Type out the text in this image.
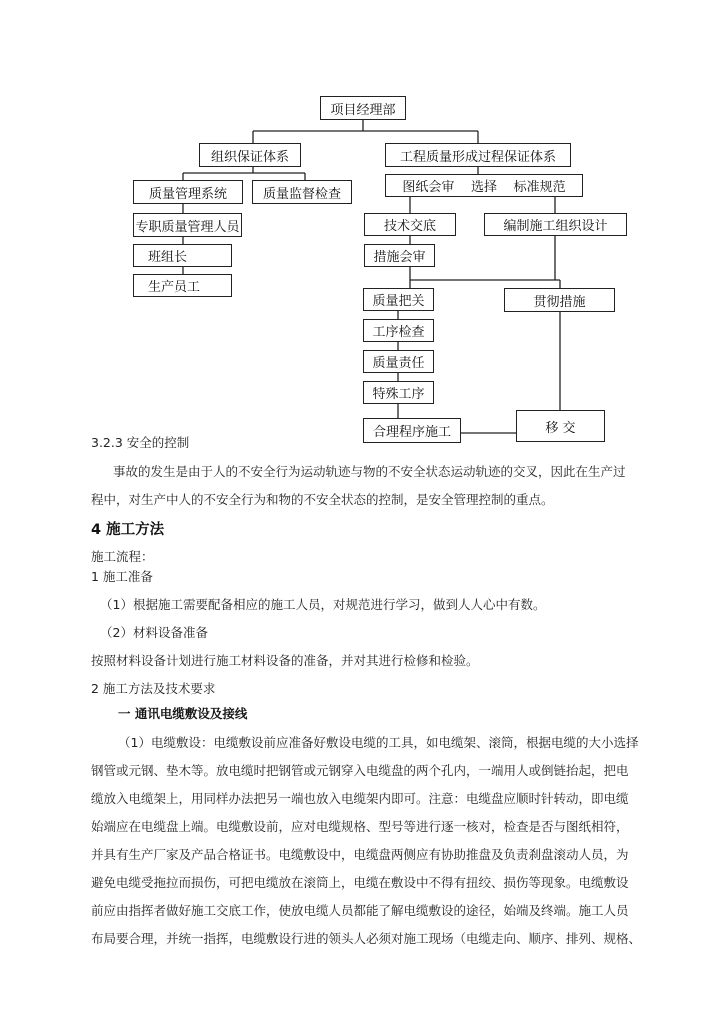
项目经理部
组织保证体系	工程质量形成过程保证体系
质量管理系统	质量监督检查	图纸会审 选择 标准规范
专职质量管理人员
班组长
生产员工
技术交底	编制施工组织设计
措施会审
质量把关	贯彻措施
工序检查
质量责任
特殊工序
合理程序施工	移 交
3.2.3 安全的控制
事故的发生是由于人的不安全行为运动轨迹与物的不安全状态运动轨迹的交叉，因此在生产过
程中，对生产中人的不安全行为和物的不安全状态的控制，是安全管理控制的重点。
4 施工方法
施工流程：
1 施工准备
（1）根据施工需要配备相应的施工人员，对规范进行学习，做到人人心中有数。
（2）材料设备准备
按照材料设备计划进行施工材料设备的准备，并对其进行检修和检验。
2 施工方法及技术要求
一 通讯电缆敷设及接线
（1）电缆敷设：电缆敷设前应准备好敷设电缆的工具，如电缆架、滚筒，根据电缆的大小选择
钢管或元钢、垫木等。放电缆时把钢管或元钢穿入电缆盘的两个孔内，一端用人或倒链抬起，把电
缆放入电缆架上，用同样办法把另一端也放入电缆架内即可。注意：电缆盘应顺时针转动，即电缆
始端应在电缆盘上端。电缆敷设前，应对电缆规格、型号等进行逐一核对，检查是否与图纸相符，
并具有生产厂家及产品合格证书。电缆敷设中，电缆盘两侧应有协助推盘及负责刹盘滚动人员，为
避免电缆受拖拉而损伤，可把电缆放在滚筒上，电缆在敷设中不得有扭绞、损伤等现象。电缆敷设
前应由指挥者做好施工交底工作，使放电缆人员都能了解电缆敷设的途径，始端及终端。施工人员
布局要合理，并统一指挥，电缆敷设行进的领头人必须对施工现场（电缆走向、顺序、排列、规格、
